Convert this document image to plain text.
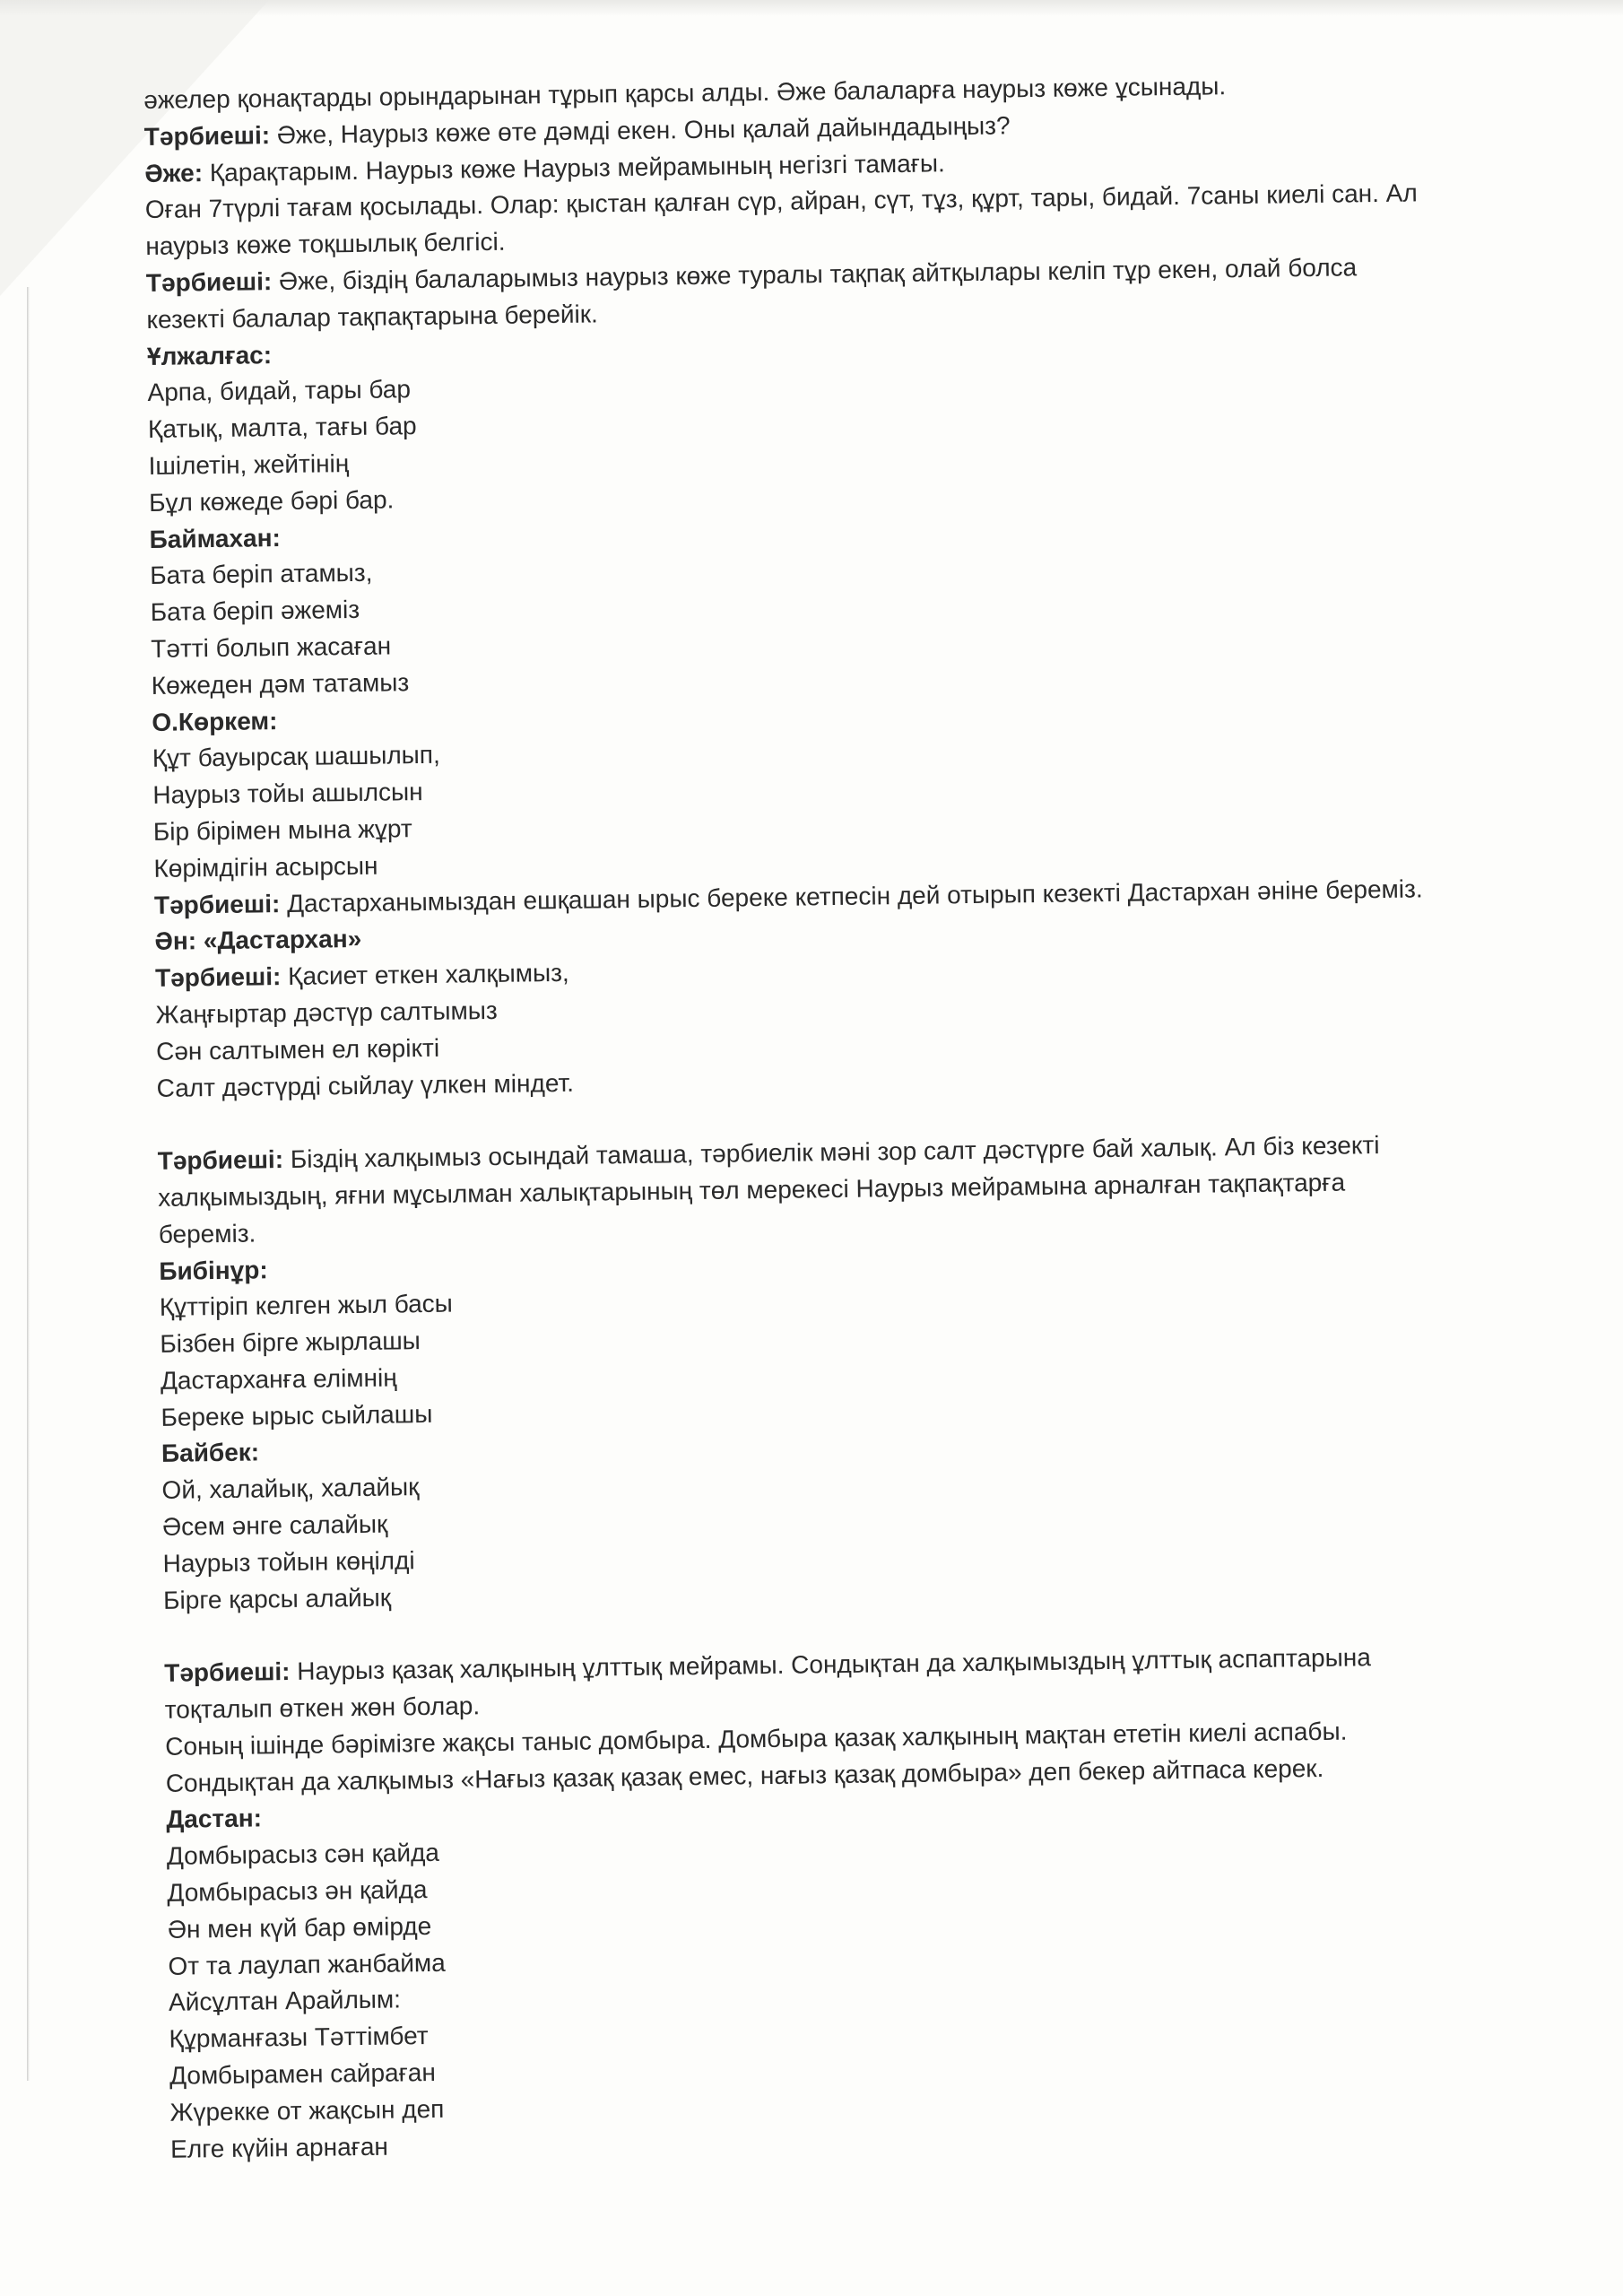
әжелер қонақтарды орындарынан тұрып қарсы алды. Әже балаларға наурыз көже ұсынады.
Тәрбиеші: Әже, Наурыз көже өте дәмді екен. Оны қалай дайындадыңыз?
Әже: Қарақтарым. Наурыз көже Наурыз мейрамының негізгі тамағы.
Оған 7түрлі тағам қосылады. Олар: қыстан қалған сүр, айран, сүт, тұз, құрт, тары, бидай. 7саны киелі сан. Ал
наурыз көже тоқшылық белгісі.
Тәрбиеші: Әже, біздің балаларымыз наурыз көже туралы тақпақ айтқылары келіп тұр екен, олай болса
кезекті балалар тақпақтарына берейік.
Ұлжалғас:
Арпа, бидай, тары бар
Қатық, малта, тағы бар
Ішілетін, жейтінің
Бұл көжеде бәрі бар.
Баймахан:
Бата беріп атамыз,
Бата беріп әжеміз
Тәтті болып жасаған
Көжеден дәм татамыз
О.Көркем:
Құт бауырсақ шашылып,
Наурыз тойы ашылсын
Бір бірімен мына жұрт
Көрімдігін асырсын
Тәрбиеші: Дастарханымыздан ешқашан ырыс береке кетпесін дей отырып кезекті Дастархан әніне береміз.
Ән: «Дастархан»
Тәрбиеші: Қасиет еткен халқымыз,
Жаңғыртар дәстүр салтымыз
Сән салтымен ел көрікті
Салт дәстүрді сыйлау үлкен міндет.
Тәрбиеші: Біздің халқымыз осындай тамаша, тәрбиелік мәні зор салт дәстүрге бай халық. Ал біз кезекті
халқымыздың, яғни мұсылман халықтарының төл мерекесі Наурыз мейрамына арналған тақпақтарға
береміз.
Бибінұр:
Құттіріп келген жыл басы
Бізбен бірге жырлашы
Дастарханға елімнің
Береке ырыс сыйлашы
Байбек:
Ой, халайық, халайық
Әсем әнге салайық
Наурыз тойын көңілді
Бірге қарсы алайық
Тәрбиеші: Наурыз қазақ халқының ұлттық мейрамы. Сондықтан да халқымыздың ұлттық аспаптарына
тоқталып өткен жөн болар.
Соның ішінде бәрімізге жақсы таныс домбыра. Домбыра қазақ халқының мақтан ететін киелі аспабы.
Сондықтан да халқымыз «Нағыз қазақ қазақ емес, нағыз қазақ домбыра» деп бекер айтпаса керек.
Дастан:
Домбырасыз сән қайда
Домбырасыз ән қайда
Ән мен күй бар өмірде
От та лаулап жанбайма
Айсұлтан Арайлым:
Құрманғазы Тәттімбет
Домбырамен сайраған
Жүрекке от жақсын деп
Елге күйін арнаған
